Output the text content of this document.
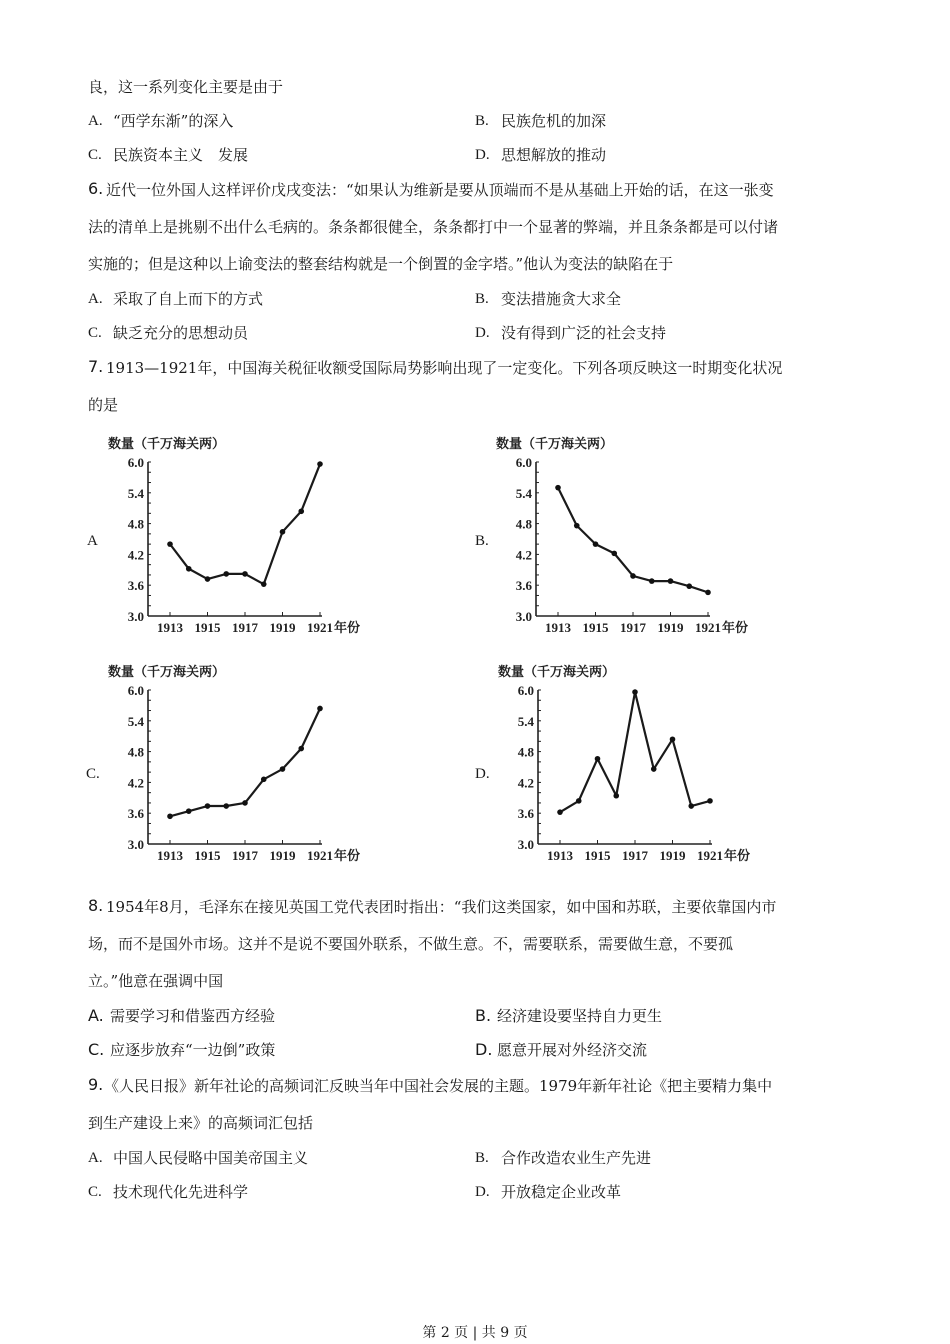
良，这一系列变化主要是由于
A. “西学东渐”的深入	B. 民族危机的加深
C. 民族资本主义　发展	D. 思想解放的推动
6. 近代一位外国人这样评价戊戌变法：“如果认为维新是要从顶端而不是从基础上开始的话，在这一张变
法的清单上是挑剔不出什么毛病的。条条都很健全，条条都打中一个显著的弊端，并且条条都是可以付诸
实施的；但是这种以上谕变法的整套结构就是一个倒置的金字塔。”他认为变法的缺陷在于
A. 采取了自上而下的方式	B. 变法措施贪大求全
C. 缺乏充分的思想动员	D. 没有得到广泛的社会支持
7. 1913—1921年，中国海关税征收额受国际局势影响出现了一定变化。下列各项反映这一时期变化状况
的是
A	B.
C.	D.
数量（千万海关两）
3.0
3.6
4.2
4.8
5.4
6.0
1913 1915 1917 1919 1921 年份
数量（千万海关两）
3.0
3.6
4.2
4.8
5.4
6.0
1913 1915 1917 1919 1921 年份
数量（千万海关两）
3.0
3.6
4.2
4.8
5.4
6.0
1913 1915 1917 1919 1921 年份
数量（千万海关两）
3.0
3.6
4.2
4.8
5.4
6.0
1913 1915 1917 1919 1921 年份
8. 1954年8月，毛泽东在接见英国工党代表团时指出：“我们这类国家，如中国和苏联，主要依靠国内市
场，而不是国外市场。这并不是说不要国外联系，不做生意。不，需要联系，需要做生意，不要孤
立。”他意在强调中国
A. 需要学习和借鉴西方经验	B. 经济建设要坚持自力更生
C. 应逐步放弃“一边倒”政策	D. 愿意开展对外经济交流
9. 《人民日报》新年社论的高频词汇反映当年中国社会发展的主题。1979年新年社论《把主要精力集中
到生产建设上来》的高频词汇包括
A. 中国人民侵略中国美帝国主义	B. 合作改造农业生产先进
C. 技术现代化先进科学	D. 开放稳定企业改革
第 2 页 | 共 9 页
